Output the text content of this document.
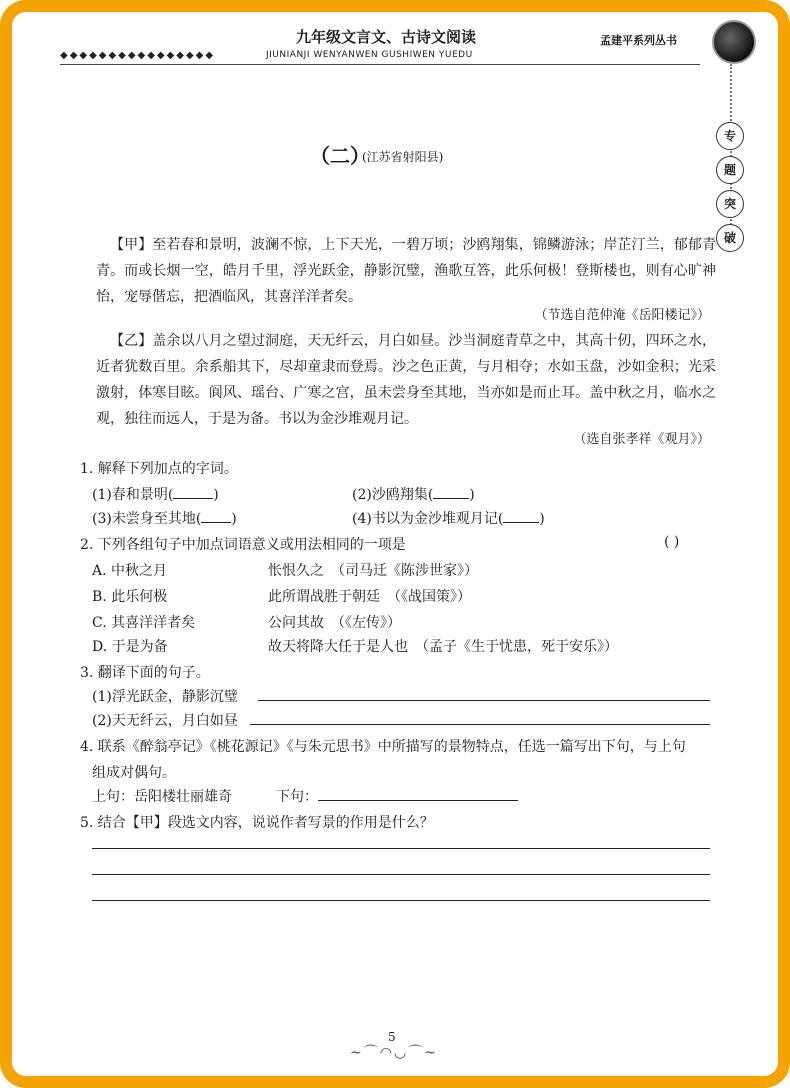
◆◆◆◆◆◆◆◆◆◆◆◆◆◆◆◆
九年级文言文、古诗文阅读
JIUNIANJI WENYANWEN GUSHIWEN YUEDU
孟建平系列丛书
专
题
突
破
（二）
(江苏省射阳县)
【甲】至若春和景明，波澜不惊，上下天光，一碧万顷；沙鸥翔集，锦鳞游泳；岸芷汀兰，郁郁青青。而或长烟一空，皓月千里，浮光跃金，静影沉璧，渔歌互答，此乐何极！登斯楼也，则有心旷神怡，宠辱偕忘，把酒临风，其喜洋洋者矣。
（节选自范仲淹《岳阳楼记》）
【乙】盖余以八月之望过洞庭，天无纤云，月白如昼。沙当洞庭青草之中，其高十仞，四环之水，近者犹数百里。余系船其下，尽却童隶而登焉。沙之色正黄，与月相夺；水如玉盘，沙如金积；光采激射，体寒目眩。阆风、瑶台、广寒之宫，虽未尝身至其地，当亦如是而止耳。盖中秋之月，临水之观，独往而远人，于是为备。书以为金沙堆观月记。
（选自张孝祥《观月》）
1. 解释下列加点的字词。
(1)春和景明(	)	(2)沙鸥翔集(	)
(3)未尝身至其地( )	(4)书以为金沙堆观月记(	)
2. 下列各组句子中加点词语意义或用法相同的一项是	( )
A. 中秋之月	怅恨久之　（司马迁《陈涉世家》）
B. 此乐何极	此所谓战胜于朝廷　（《战国策》）
C. 其喜洋洋者矣	公问其故　（《左传》）
D. 于是为备	故天将降大任于是人也　（孟子《生于忧患，死于安乐》）
3. 翻译下面的句子。
(1)浮光跃金，静影沉璧
(2)天无纤云，月白如昼
4. 联系《醉翁亭记》《桃花源记》《与朱元思书》中所描写的景物特点，任选一篇写出下句，与上句
组成对偶句。
上句：岳阳楼壮丽雄奇	下句：
5. 结合【甲】段选文内容，说说作者写景的作用是什么？
5
~⌒◠◡⌒~
